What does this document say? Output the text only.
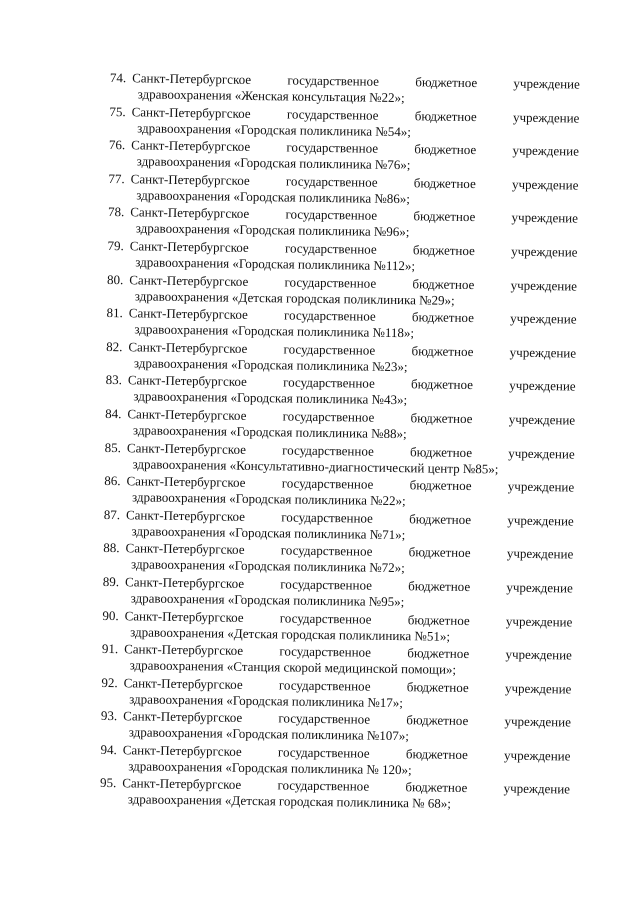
74. Санкт-Петербургское	государственное	бюджетное	учреждение
здравоохранения «Женская консультация №22»;
75. Санкт-Петербургское	государственное	бюджетное	учреждение
здравоохранения «Городская поликлиника №54»;
76. Санкт-Петербургское	государственное	бюджетное	учреждение
здравоохранения «Городская поликлиника №76»;
77. Санкт-Петербургское	государственное	бюджетное	учреждение
здравоохранения «Городская поликлиника №86»;
78. Санкт-Петербургское	государственное	бюджетное	учреждение
здравоохранения «Городская поликлиника №96»;
79. Санкт-Петербургское	государственное	бюджетное	учреждение
здравоохранения «Городская поликлиника №112»;
80. Санкт-Петербургское	государственное	бюджетное	учреждение
здравоохранения «Детская городская поликлиника №29»;
81. Санкт-Петербургское	государственное	бюджетное	учреждение
здравоохранения «Городская поликлиника №118»;
82. Санкт-Петербургское	государственное	бюджетное	учреждение
здравоохранения «Городская поликлиника №23»;
83. Санкт-Петербургское	государственное	бюджетное	учреждение
здравоохранения «Городская поликлиника №43»;
84. Санкт-Петербургское	государственное	бюджетное	учреждение
здравоохранения «Городская поликлиника №88»;
85. Санкт-Петербургское	государственное	бюджетное	учреждение
здравоохранения «Консультативно-диагностический центр №85»;
86. Санкт-Петербургское	государственное	бюджетное	учреждение
здравоохранения «Городская поликлиника №22»;
87. Санкт-Петербургское	государственное	бюджетное	учреждение
здравоохранения «Городская поликлиника №71»;
88. Санкт-Петербургское	государственное	бюджетное	учреждение
здравоохранения «Городская поликлиника №72»;
89. Санкт-Петербургское	государственное	бюджетное	учреждение
здравоохранения «Городская поликлиника №95»;
90. Санкт-Петербургское	государственное	бюджетное	учреждение
здравоохранения «Детская городская поликлиника №51»;
91. Санкт-Петербургское	государственное	бюджетное	учреждение
здравоохранения «Станция скорой медицинской помощи»;
92. Санкт-Петербургское	государственное	бюджетное	учреждение
здравоохранения «Городская поликлиника №17»;
93. Санкт-Петербургское	государственное	бюджетное	учреждение
здравоохранения «Городская поликлиника №107»;
94. Санкт-Петербургское	государственное	бюджетное	учреждение
здравоохранения «Городская поликлиника № 120»;
95. Санкт-Петербургское	государственное	бюджетное	учреждение
здравоохранения «Детская городская поликлиника № 68»;
